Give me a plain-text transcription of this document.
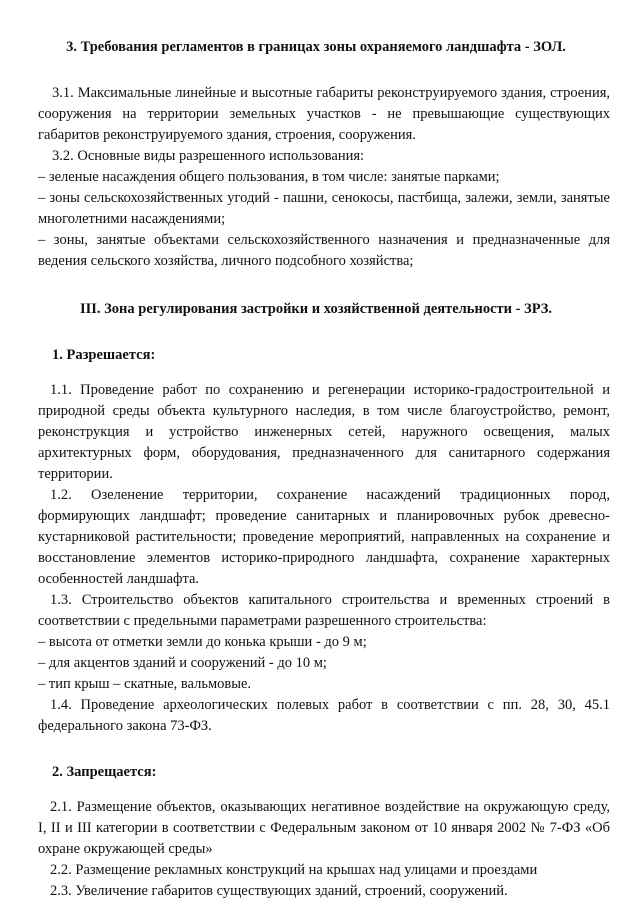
3. Требования регламентов в границах зоны охраняемого ландшафта - ЗОЛ.

3.1. Максимальные линейные и высотные габариты реконструируемого здания, строения, сооружения на территории земельных участков - не превышающие существующих габаритов реконструируемого здания, строения, сооружения.

3.2. Основные виды разрешенного использования:

– зеленые насаждения общего пользования, в том числе: занятые парками;

– зоны сельскохозяйственных угодий - пашни, сенокосы, пастбища, залежи, земли, занятые многолетними насаждениями;

– зоны, занятые объектами сельскохозяйственного назначения и предназначенные для ведения сельского хозяйства, личного подсобного хозяйства;

III. Зона регулирования застройки и хозяйственной деятельности - ЗРЗ.

1. Разрешается:

1.1. Проведение работ по сохранению и регенерации историко-градостроительной и природной среды объекта культурного наследия, в том числе благоустройство, ремонт, реконструкция и устройство инженерных сетей, наружного освещения, малых архитектурных форм, оборудования, предназначенного для санитарного содержания территории.

1.2. Озеленение территории, сохранение насаждений традиционных пород, формирующих ландшафт; проведение санитарных и планировочных рубок древесно-кустарниковой растительности; проведение мероприятий, направленных на сохранение и восстановление элементов историко-природного ландшафта, сохранение характерных особенностей ландшафта.

1.3. Строительство объектов капитального строительства и временных строений в соответствии с предельными параметрами разрешенного строительства:

– высота от отметки земли до конька крыши - до 9 м;

– для акцентов зданий и сооружений - до 10 м;

– тип крыш – скатные, вальмовые.

1.4. Проведение археологических полевых работ в соответствии с пп. 28, 30, 45.1 федерального закона 73-ФЗ.

2. Запрещается:

2.1. Размещение объектов, оказывающих негативное воздействие на окружающую среду, I, II и III категории в соответствии с Федеральным законом от 10 января 2002 № 7-ФЗ «Об охране окружающей среды»

2.2. Размещение рекламных конструкций на крышах над улицами и проездами

2.3. Увеличение габаритов существующих зданий, строений, сооружений.
